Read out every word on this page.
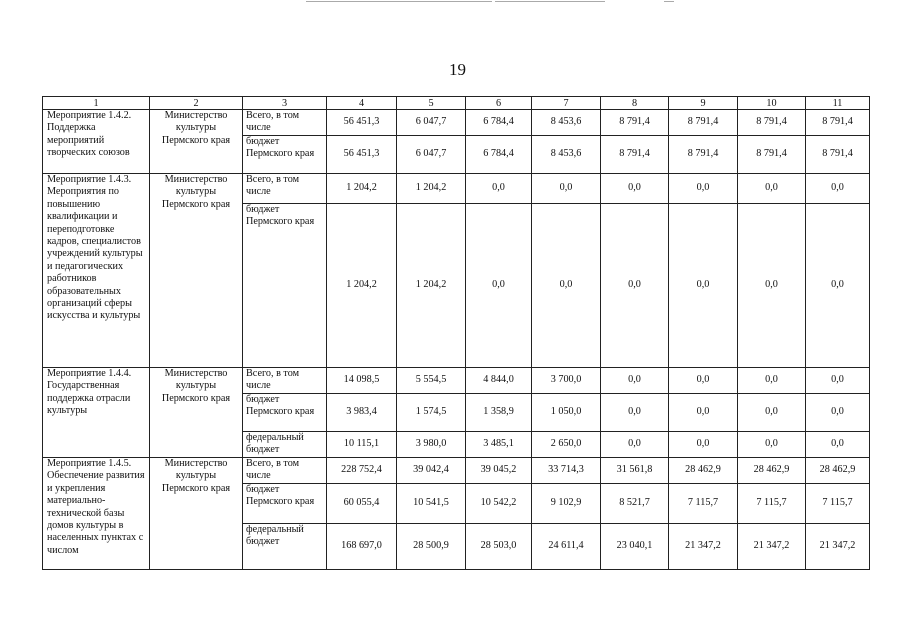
19
1	2	3	4	5	6	7	8	9	10	11
Мероприятие 1.4.2. Поддержка мероприятий творческих союзов	Министерство культуры Пермского края	Всего, в том числе	56 451,3	6 047,7	6 784,4	8 453,6	8 791,4	8 791,4	8 791,4	8 791,4
		бюджет Пермского края	56 451,3	6 047,7	6 784,4	8 453,6	8 791,4	8 791,4	8 791,4	8 791,4
Мероприятие 1.4.3. Мероприятия по повышению квалификации и переподготовке кадров, специалистов учреждений культуры и педагогических работников образовательных организаций сферы искусства и культуры	Министерство культуры Пермского края	Всего, в том числе	1 204,2	1 204,2	0,0	0,0	0,0	0,0	0,0	0,0
		бюджет Пермского края	1 204,2	1 204,2	0,0	0,0	0,0	0,0	0,0	0,0
Мероприятие 1.4.4. Государственная поддержка отрасли культуры	Министерство культуры Пермского края	Всего, в том числе	14 098,5	5 554,5	4 844,0	3 700,0	0,0	0,0	0,0	0,0
		бюджет Пермского края	3 983,4	1 574,5	1 358,9	1 050,0	0,0	0,0	0,0	0,0
		федеральный бюджет	10 115,1	3 980,0	3 485,1	2 650,0	0,0	0,0	0,0	0,0
Мероприятие 1.4.5. Обеспечение развития и укрепления материально-технической базы домов культуры в населенных пунктах с числом	Министерство культуры Пермского края	Всего, в том числе	228 752,4	39 042,4	39 045,2	33 714,3	31 561,8	28 462,9	28 462,9	28 462,9
		бюджет Пермского края	60 055,4	10 541,5	10 542,2	9 102,9	8 521,7	7 115,7	7 115,7	7 115,7
		федеральный бюджет	168 697,0	28 500,9	28 503,0	24 611,4	23 040,1	21 347,2	21 347,2	21 347,2
